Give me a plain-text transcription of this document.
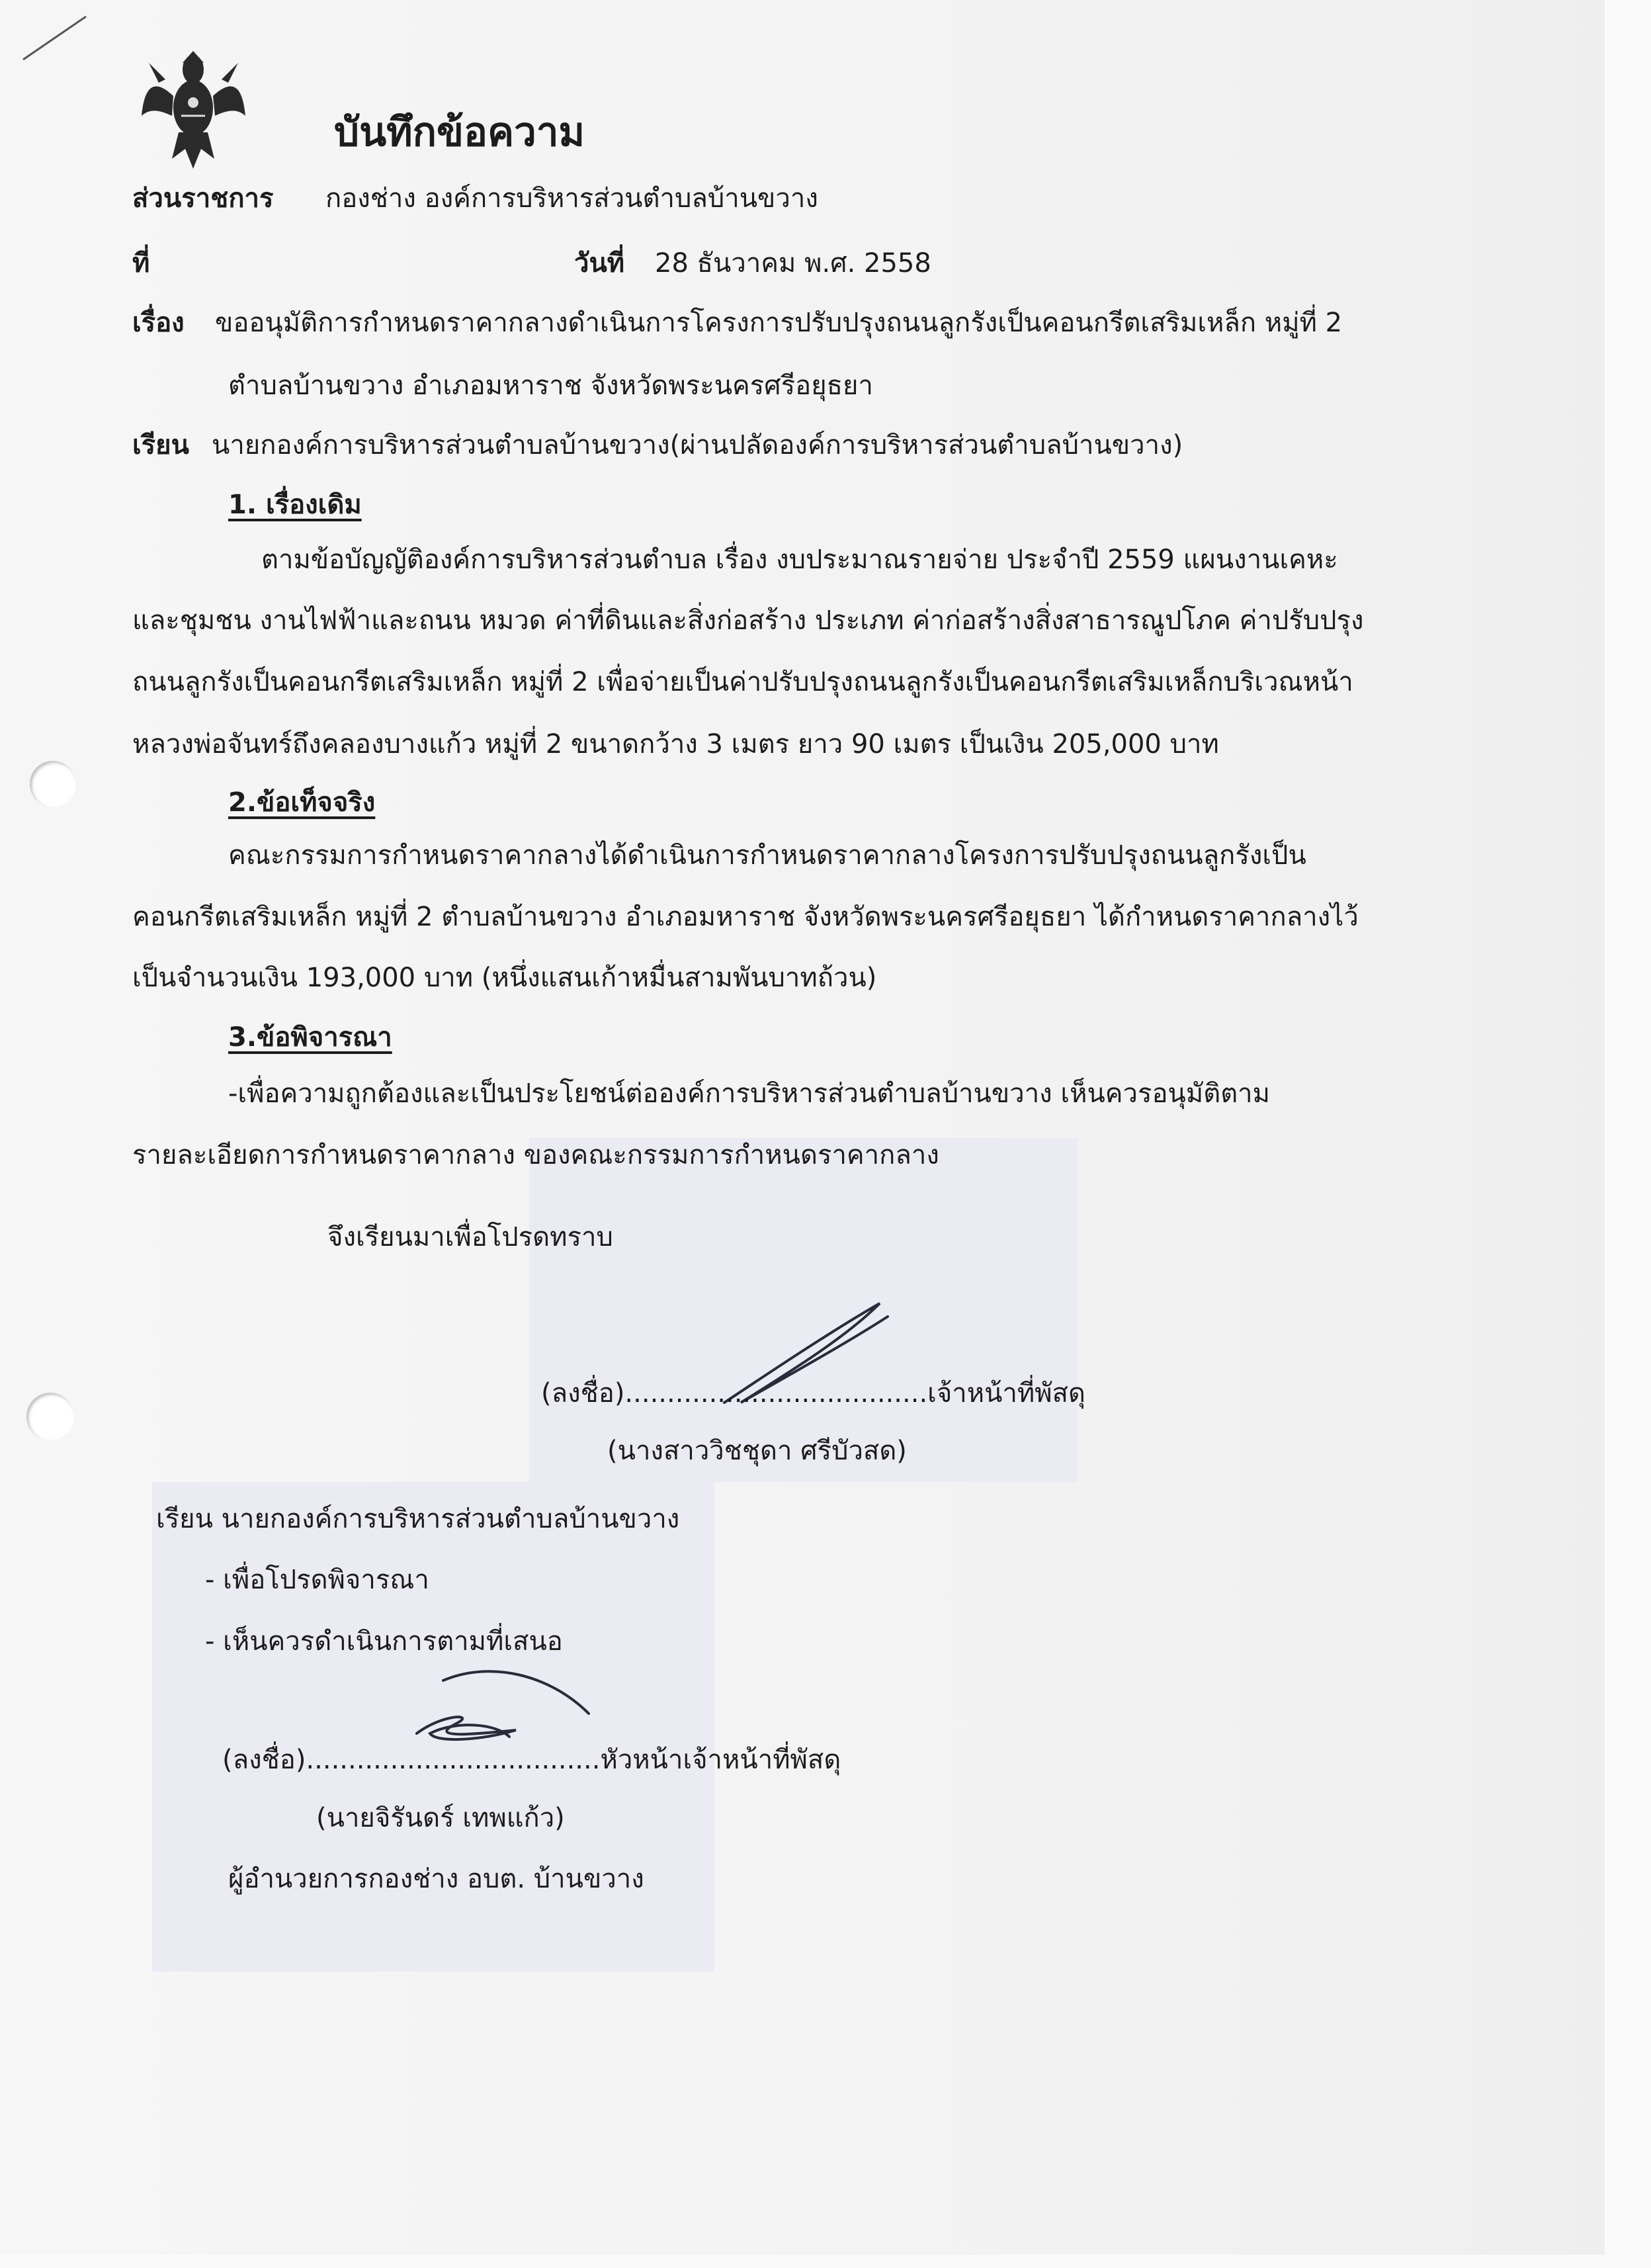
บันทึกข้อความ
ส่วนราชการ กองช่าง องค์การบริหารส่วนตำบลบ้านขวาง
ที่	วันที่ 28 ธันวาคม พ.ศ. 2558
เรื่อง ขออนุมัติการกำหนดราคากลางดำเนินการโครงการปรับปรุงถนนลูกรังเป็นคอนกรีตเสริมเหล็ก หมู่ที่ 2
ตำบลบ้านขวาง อำเภอมหาราช จังหวัดพระนครศรีอยุธยา
เรียน นายกองค์การบริหารส่วนตำบลบ้านขวาง(ผ่านปลัดองค์การบริหารส่วนตำบลบ้านขวาง)
1. เรื่องเดิม
ตามข้อบัญญัติองค์การบริหารส่วนตำบล เรื่อง งบประมาณรายจ่าย ประจำปี 2559 แผนงานเคหะ
และชุมชน งานไฟฟ้าและถนน หมวด ค่าที่ดินและสิ่งก่อสร้าง ประเภท ค่าก่อสร้างสิ่งสาธารณูปโภค ค่าปรับปรุง
ถนนลูกรังเป็นคอนกรีตเสริมเหล็ก หมู่ที่ 2 เพื่อจ่ายเป็นค่าปรับปรุงถนนลูกรังเป็นคอนกรีตเสริมเหล็กบริเวณหน้า
หลวงพ่อจันทร์ถึงคลองบางแก้ว หมู่ที่ 2 ขนาดกว้าง 3 เมตร ยาว 90 เมตร เป็นเงิน 205,000 บาท
2.ข้อเท็จจริง
คณะกรรมการกำหนดราคากลางได้ดำเนินการกำหนดราคากลางโครงการปรับปรุงถนนลูกรังเป็น
คอนกรีตเสริมเหล็ก หมู่ที่ 2 ตำบลบ้านขวาง อำเภอมหาราช จังหวัดพระนครศรีอยุธยา ได้กำหนดราคากลางไว้
เป็นจำนวนเงิน 193,000 บาท (หนึ่งแสนเก้าหมื่นสามพันบาทถ้วน)
3.ข้อพิจารณา
-เพื่อความถูกต้องและเป็นประโยชน์ต่อองค์การบริหารส่วนตำบลบ้านขวาง เห็นควรอนุมัติตาม
รายละเอียดการกำหนดราคากลาง ของคณะกรรมการกำหนดราคากลาง
จึงเรียนมาเพื่อโปรดทราบ
(ลงชื่อ)....................................เจ้าหน้าที่พัสดุ
(นางสาววิชชุดา ศรีบัวสด)
เรียน นายกองค์การบริหารส่วนตำบลบ้านขวาง
- เพื่อโปรดพิจารณา
- เห็นควรดำเนินการตามที่เสนอ
(ลงชื่อ)...................................หัวหน้าเจ้าหน้าที่พัสดุ
(นายจิรันดร์ เทพแก้ว)
ผู้อำนวยการกองช่าง อบต. บ้านขวาง
